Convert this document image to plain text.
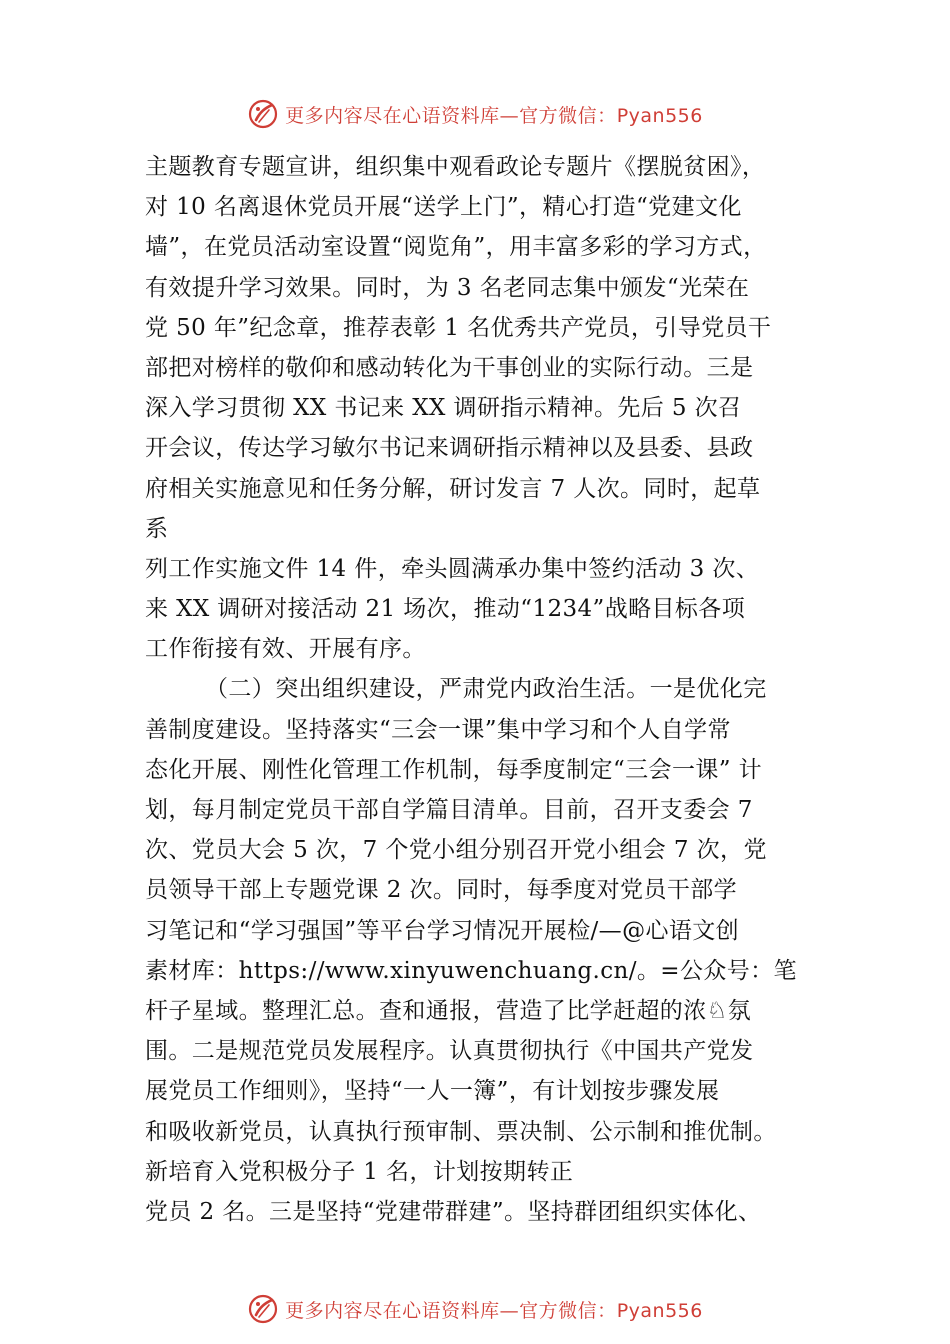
更多内容尽在心语资料库—官方微信：Pyan556
主题教育专题宣讲，组织集中观看政论专题片《摆脱贫困》，
对 10 名离退休党员开展“送学上门”，精心打造“党建文化
墙”，在党员活动室设置“阅览角”，用丰富多彩的学习方式，
有效提升学习效果。同时，为 3 名老同志集中颁发“光荣在
党 50 年”纪念章，推荐表彰 1 名优秀共产党员，引导党员干
部把对榜样的敬仰和感动转化为干事创业的实际行动。三是
深入学习贯彻 XX 书记来 XX 调研指示精神。先后 5 次召
开会议，传达学习敏尔书记来调研指示精神以及县委、县政
府相关实施意见和任务分解，研讨发言 7 人次。同时，起草
系
列工作实施文件 14 件，牵头圆满承办集中签约活动 3 次、
来 XX 调研对接活动 21 场次，推动“1234”战略目标各项
工作衔接有效、开展有序。
（二）突出组织建设，严肃党内政治生活。一是优化完
善制度建设。坚持落实“三会一课”集中学习和个人自学常
态化开展、刚性化管理工作机制，每季度制定“三会一课” 计
划，每月制定党员干部自学篇目清单。目前，召开支委会 7
次、党员大会 5 次，7 个党小组分别召开党小组会 7 次，党
员领导干部上专题党课 2 次。同时，每季度对党员干部学
习笔记和“学习强国”等平台学习情况开展检/—@心语文创
素材库：https://www.xinyuwenchuang.cn/。=公众号：笔
杆子星域。整理汇总。查和通报，营造了比学赶超的浓♘氛
围。二是规范党员发展程序。认真贯彻执行《中国共产党发
展党员工作细则》，坚持“一人一簿”，有计划按步骤发展
和吸收新党员，认真执行预审制、票决制、公示制和推优制。
新培育入党积极分子 1 名，计划按期转正
党员 2 名。三是坚持“党建带群建”。坚持群团组织实体化、
更多内容尽在心语资料库—官方微信：Pyan556
